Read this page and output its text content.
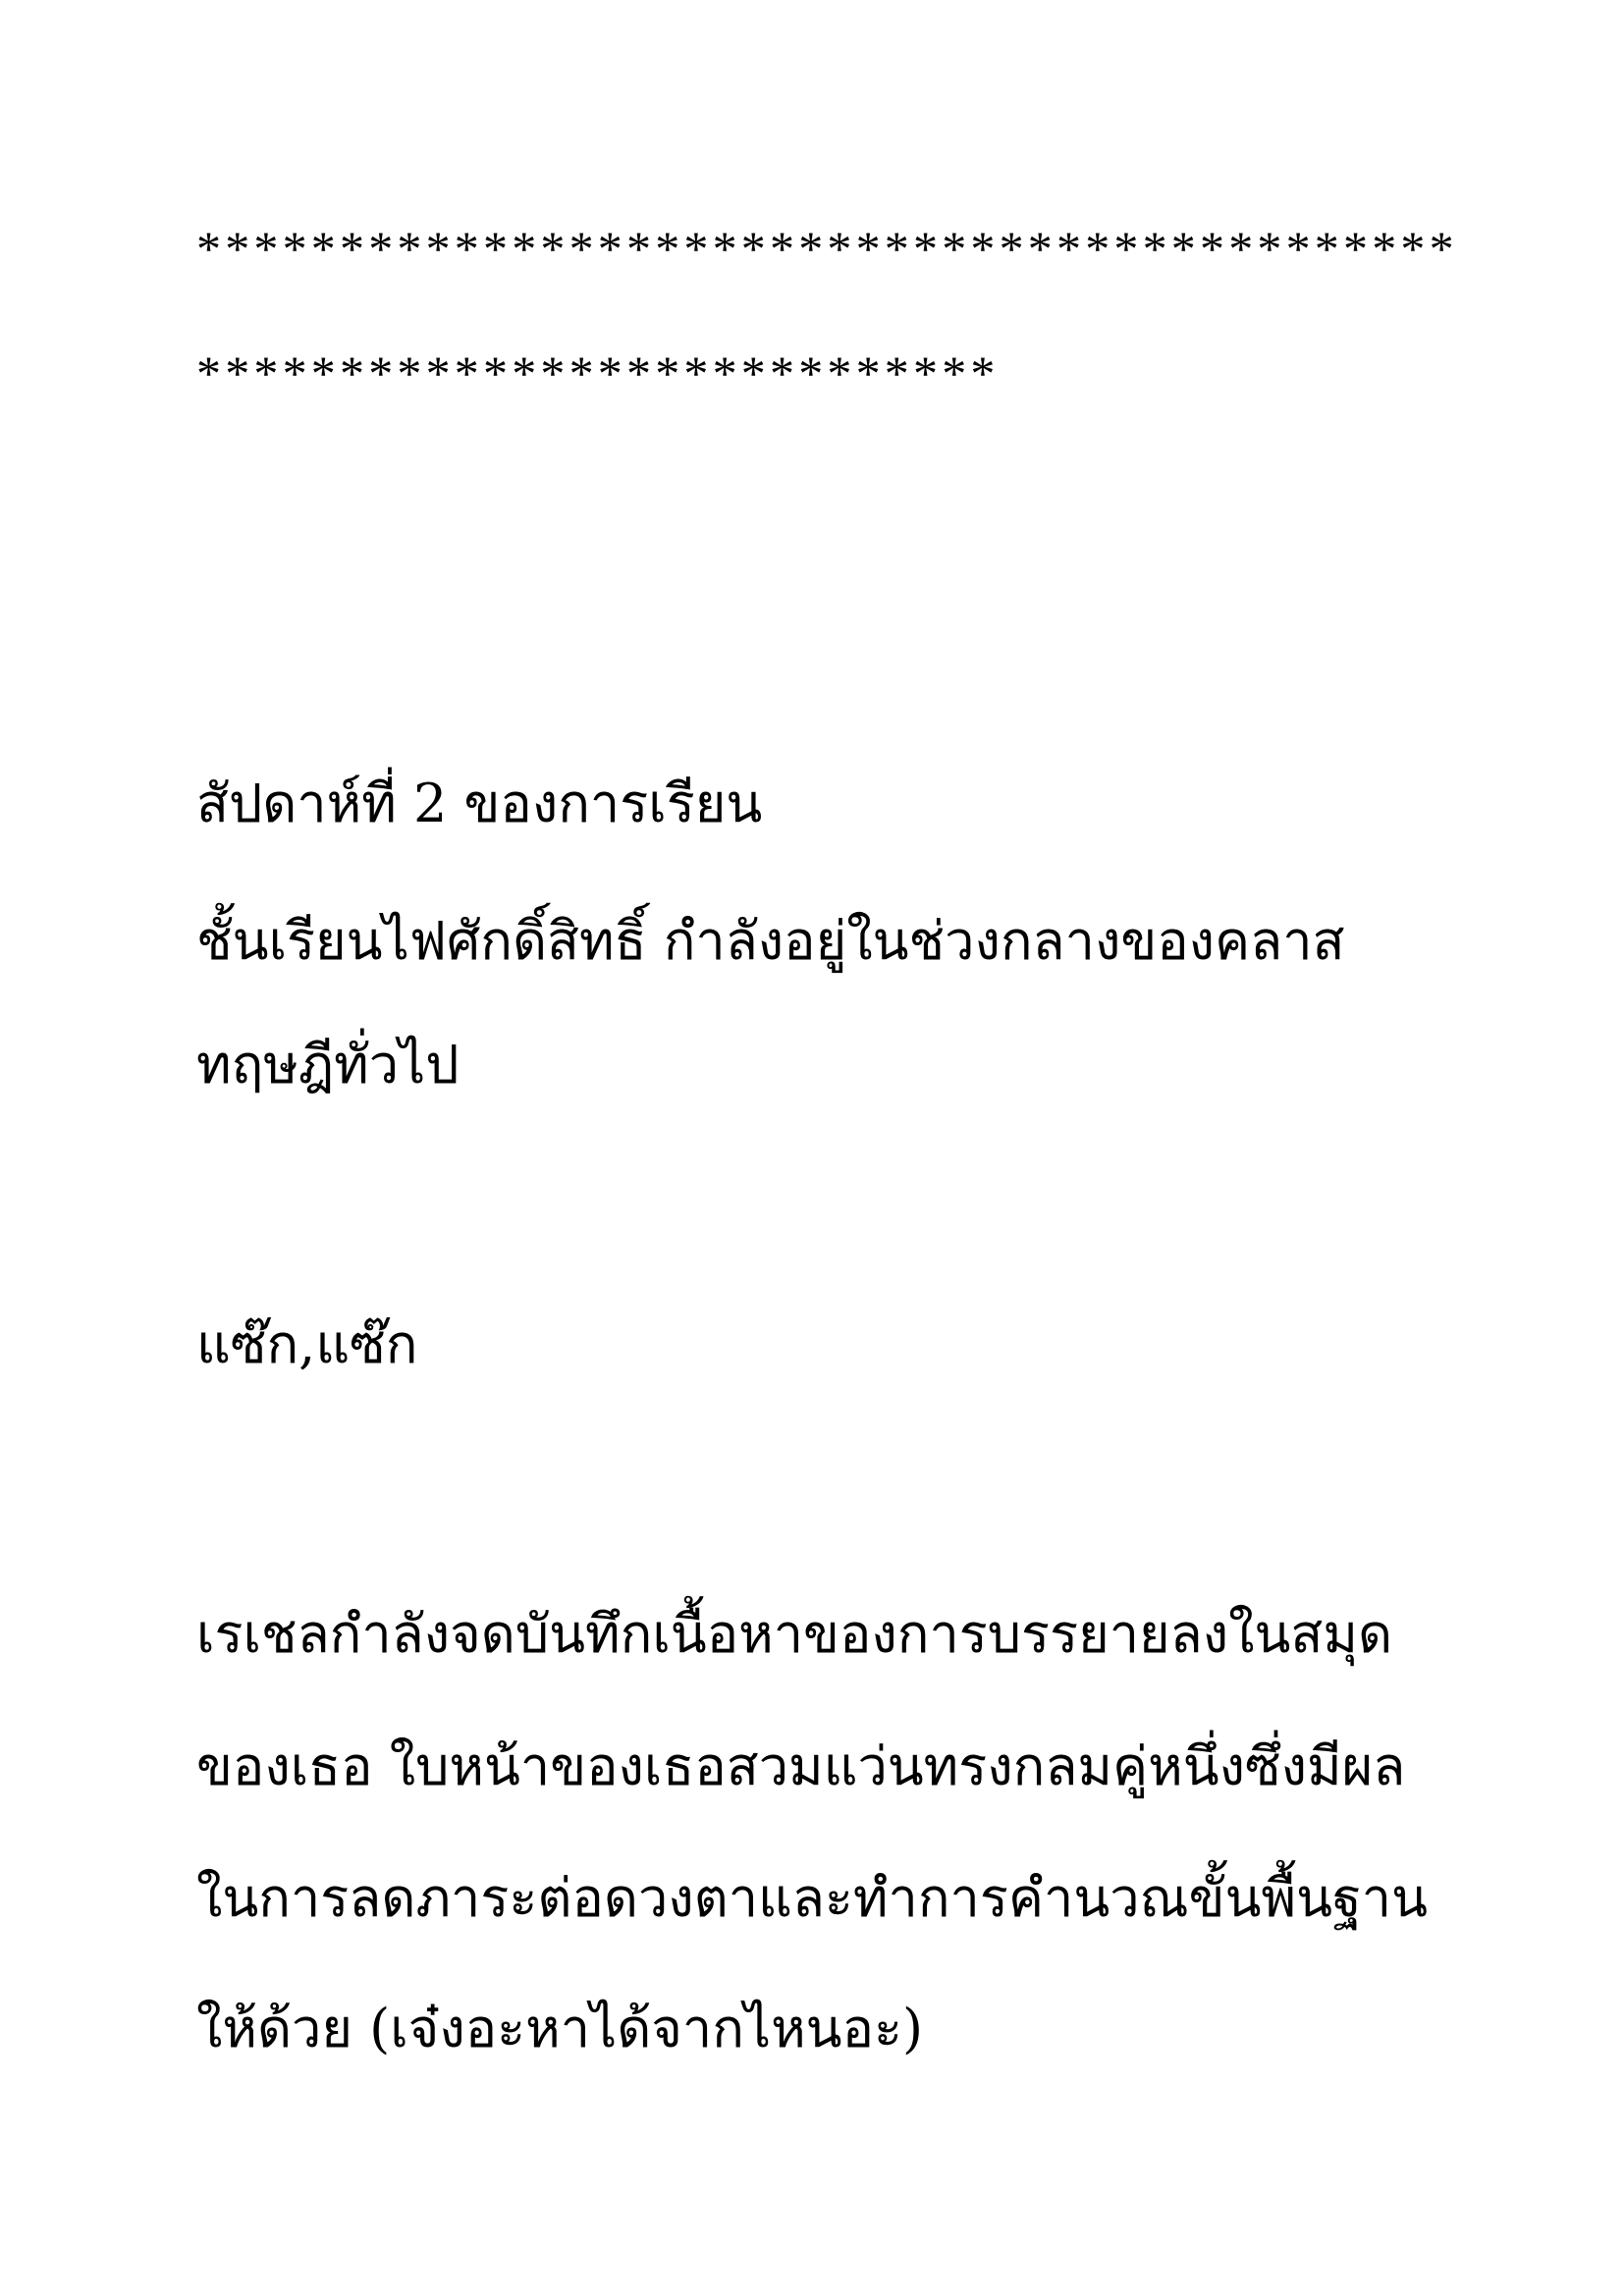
********************************************

****************************

สัปดาห์ที่ 2 ของการเรียน

ชั้นเรียนไฟศักดิ์สิทธิ์ กำลังอยู่ในช่วงกลางของคลาส

ทฤษฎีทั่วไป

แซ๊ก,แซ๊ก

เรเชลกำลังจดบันทึกเนื้อหาของการบรรยายลงในสมุด

ของเธอ ใบหน้าของเธอสวมแว่นทรงกลมคู่หนึ่งซึ่งมีผล

ในการลดภาระต่อดวงตาและทำการคำนวณขั้นพื้นฐาน

ให้ด้วย (เจ๋งอะหาได้จากไหนอะ)
